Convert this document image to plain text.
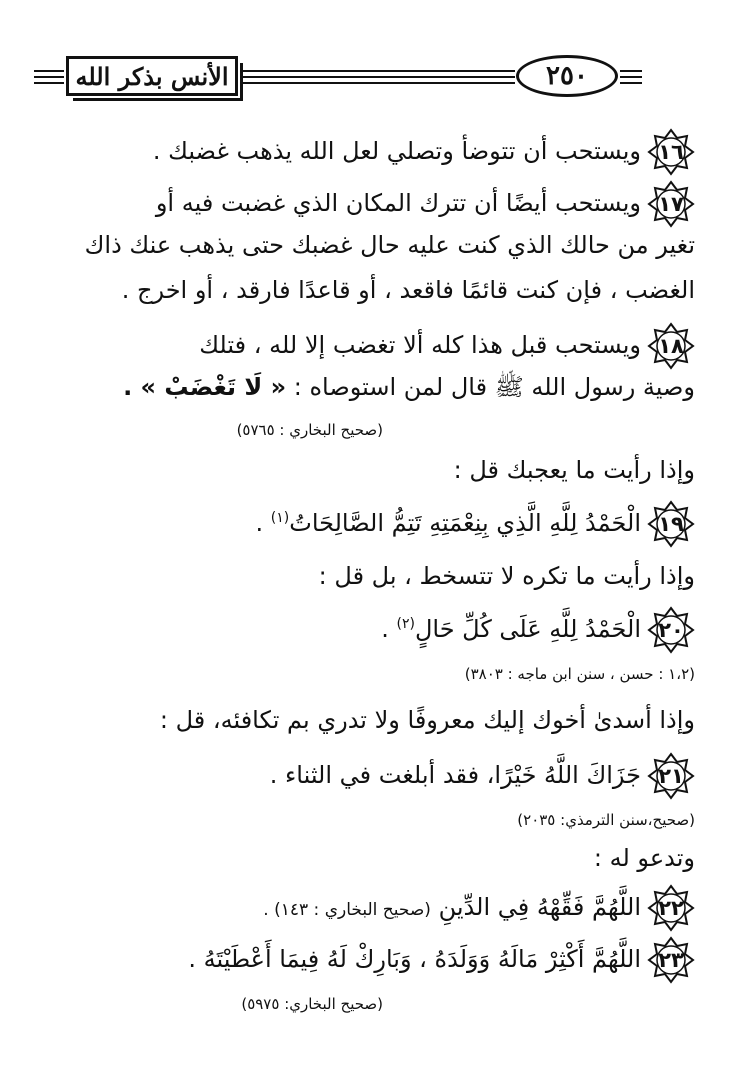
الأنس بذكر الله	٢٥٠
١٦
ويستحب أن تتوضأ وتصلي لعل الله يذهب غضبك .
١٧
ويستحب أيضًا أن تترك المكان الذي غضبت فيه أو
تغير من حالك الذي كنت عليه حال غضبك حتى يذهب عنك ذاك
الغضب ، فإن كنت قائمًا فاقعد ، أو قاعدًا فارقد ، أو اخرج .
١٨
ويستحب قبل هذا كله ألا تغضب إلا لله ، فتلك
وصية رسول الله ﷺ قال لمن استوصاه : « لَا تَغْضَبْ » .
(صحيح البخاري : ٥٧٦٥)
وإذا رأيت ما يعجبك قل :
١٩
الْحَمْدُ لِلَّهِ الَّذِي بِنِعْمَتِهِ تَتِمُّ الصَّالِحَاتُ$^{(١)}$ .
وإذا رأيت ما تكره لا تتسخط ، بل قل :
٢٠
الْحَمْدُ لِلَّهِ عَلَى كُلِّ حَالٍ$^{(٢)}$ .
(١،٢ : حسن ، سنن ابن ماجه : ٣٨٠٣)
وإذا أسدىٰ أخوك إليك معروفًا ولا تدري بم تكافئه، قل :
٢١
جَزَاكَ اللَّهُ خَيْرًا، فقد أبلغت في الثناء .
(صحيح،سنن الترمذي: ٢٠٣٥)
وتدعو له :
٢٢
اللَّهُمَّ فَقِّهْهُ فِي الدِّينِ (صحيح البخاري : ١٤٣) .
٢٣
اللَّهُمَّ أَكْثِرْ مَالَهُ وَوَلَدَهُ ، وَبَارِكْ لَهُ فِيمَا أَعْطَيْتَهُ .
(صحيح البخاري: ٥٩٧٥)
